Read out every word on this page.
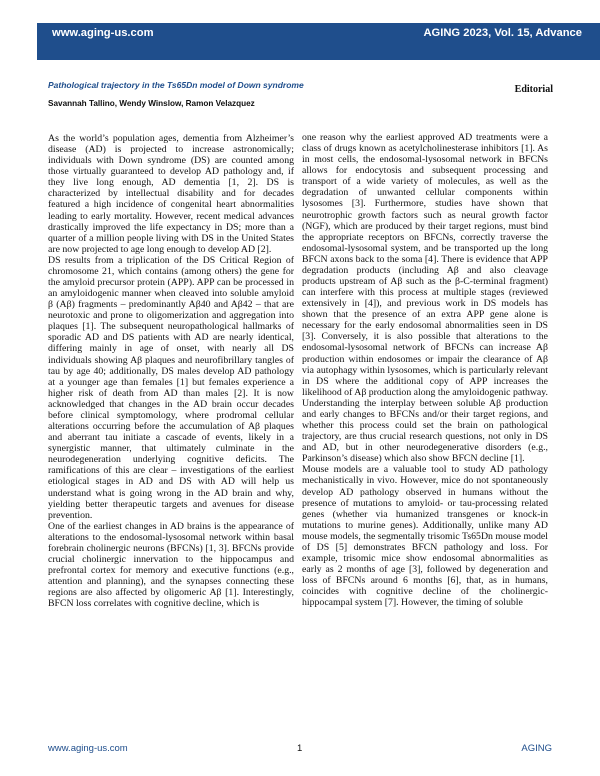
www.aging-us.com	AGING 2023, Vol. 15, Advance
Editorial
Pathological trajectory in the Ts65Dn model of Down syndrome
Savannah Tallino, Wendy Winslow, Ramon Velazquez

As the world’s population ages, dementia from Alzheimer’s disease (AD) is projected to increase astronomically; individuals with Down syndrome (DS) are counted among those virtually guaranteed to develop AD pathology and, if they live long enough, AD dementia [1, 2]. DS is characterized by intellectual disability and for decades featured a high incidence of congenital heart abnormalities leading to early mortality. However, recent medical advances drastically improved the life expectancy in DS; more than a quarter of a million people living with DS in the United States are now projected to age long enough to develop AD [2].

DS results from a triplication of the DS Critical Region of chromosome 21, which contains (among others) the gene for the amyloid precursor protein (APP). APP can be processed in an amyloidogenic manner when cleaved into soluble amyloid β (Aβ) fragments – predominantly Aβ40 and Aβ42 – that are neurotoxic and prone to oligomerization and aggregation into plaques [1]. The subsequent neuropathological hallmarks of sporadic AD and DS patients with AD are nearly identical, differing mainly in age of onset, with nearly all DS individuals showing Aβ plaques and neurofibrillary tangles of tau by age 40; additionally, DS males develop AD pathology at a younger age than females [1] but females experience a higher risk of death from AD than males [2]. It is now acknowledged that changes in the AD brain occur decades before clinical symptomology, where prodromal cellular alterations occurring before the accumulation of Aβ plaques and aberrant tau initiate a cascade of events, likely in a synergistic manner, that ultimately culminate in the neurodegeneration underlying cognitive deficits. The ramifications of this are clear – investigations of the earliest etiological stages in AD and DS with AD will help us understand what is going wrong in the AD brain and why, yielding better therapeutic targets and avenues for disease prevention.

One of the earliest changes in AD brains is the appearance of alterations to the endosomal-lysosomal network within basal forebrain cholinergic neurons (BFCNs) [1, 3]. BFCNs provide crucial cholinergic innervation to the hippocampus and prefrontal cortex for memory and executive functions (e.g., attention and planning), and the synapses connecting these regions are also affected by oligomeric Aβ [1]. Interestingly, BFCN loss correlates with cognitive decline, which is

one reason why the earliest approved AD treatments were a class of drugs known as acetylcholinesterase inhibitors [1]. As in most cells, the endosomal-lysosomal network in BFCNs allows for endocytosis and subsequent processing and transport of a wide variety of molecules, as well as the degradation of unwanted cellular components within lysosomes [3]. Furthermore, studies have shown that neurotrophic growth factors such as neural growth factor (NGF), which are produced by their target regions, must bind the appropriate receptors on BFCNs, correctly traverse the endosomal-lysosomal system, and be transported up the long BFCN axons back to the soma [4]. There is evidence that APP degradation products (including Aβ and also cleavage products upstream of Aβ such as the β-C-terminal fragment) can interfere with this process at multiple stages (reviewed extensively in [4]), and previous work in DS models has shown that the presence of an extra APP gene alone is necessary for the early endosomal abnormalities seen in DS [3]. Conversely, it is also possible that alterations to the endosomal-lysosomal network of BFCNs can increase Aβ production within endosomes or impair the clearance of Aβ via autophagy within lysosomes, which is particularly relevant in DS where the additional copy of APP increases the likelihood of Aβ production along the amyloidogenic pathway. Understanding the interplay between soluble Aβ production and early changes to BFCNs and/or their target regions, and whether this process could set the brain on pathological trajectory, are thus crucial research questions, not only in DS and AD, but in other neurodegenerative disorders (e.g., Parkinson’s disease) which also show BFCN decline [1].

Mouse models are a valuable tool to study AD pathology mechanistically in vivo. However, mice do not spontaneously develop AD pathology observed in humans without the presence of mutations to amyloid- or tau-processing related genes (whether via humanized transgenes or knock-in mutations to murine genes). Additionally, unlike many AD mouse models, the segmentally trisomic Ts65Dn mouse model of DS [5] demonstrates BFCN pathology and loss. For example, trisomic mice show endosomal abnormalities as early as 2 months of age [3], followed by degeneration and loss of BFCNs around 6 months [6], that, as in humans, coincides with cognitive decline of the cholinergic-hippocampal system [7]. However, the timing of soluble

www.aging-us.com	1	AGING
